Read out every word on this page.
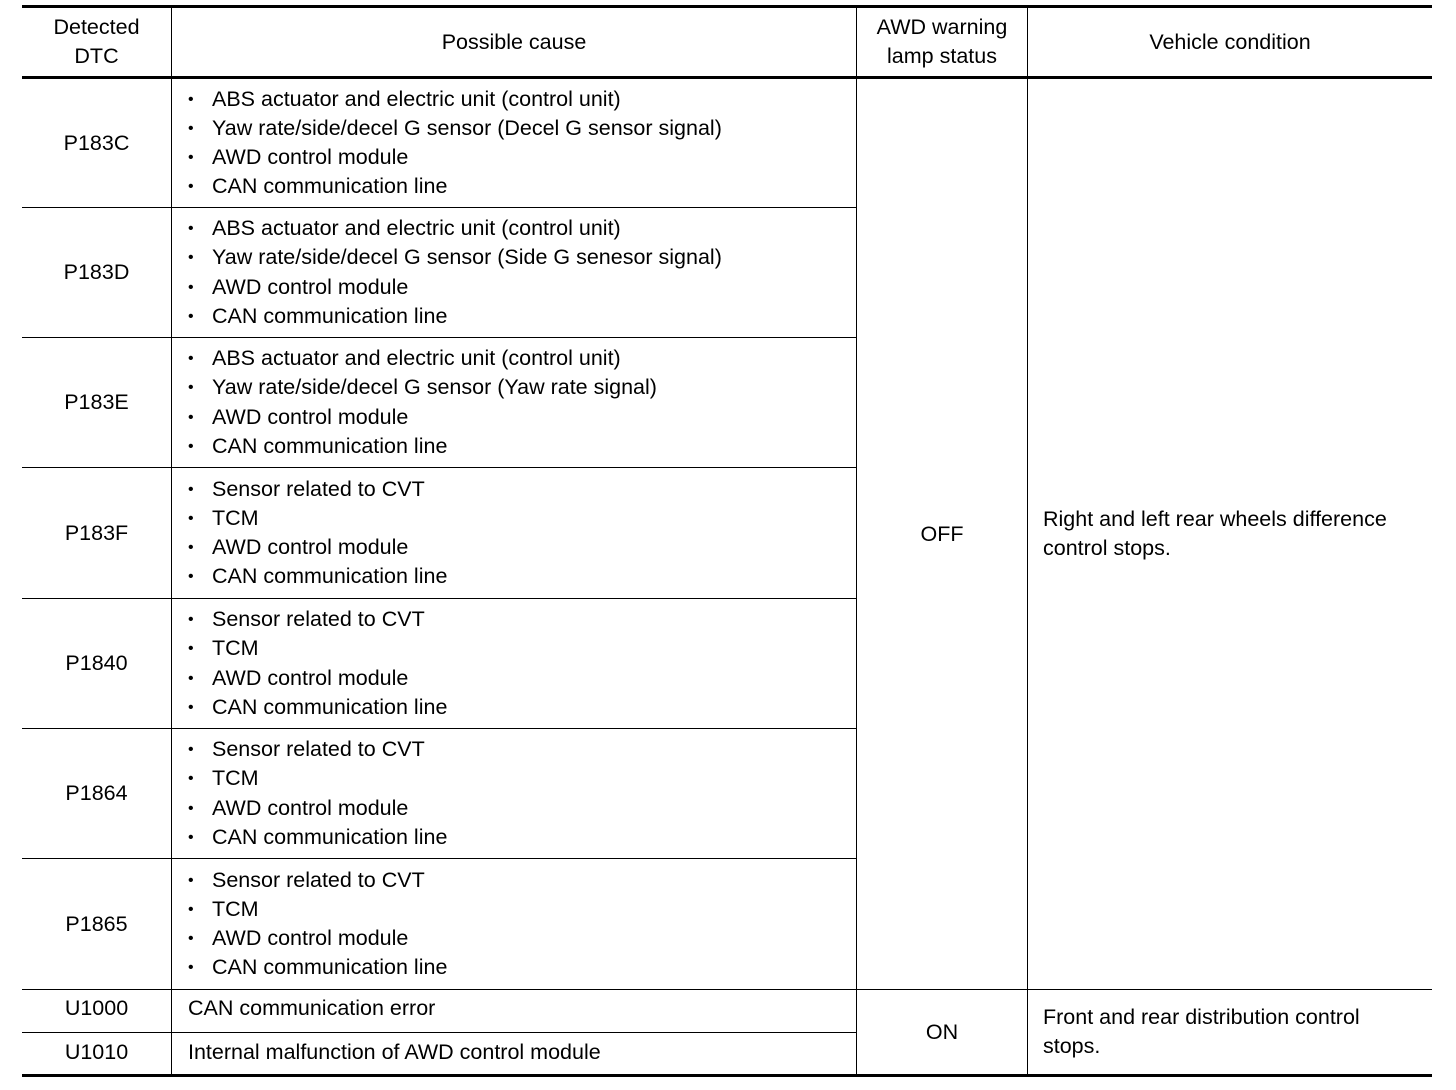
Detected
DTC
Possible cause
AWD warning
lamp status
Vehicle condition
P183C
• ABS actuator and electric unit (control unit)
• Yaw rate/side/decel G sensor (Decel G sensor signal)
• AWD control module
• CAN communication line
P183D
• ABS actuator and electric unit (control unit)
• Yaw rate/side/decel G sensor (Side G senesor signal)
• AWD control module
• CAN communication line
P183E
• ABS actuator and electric unit (control unit)
• Yaw rate/side/decel G sensor (Yaw rate signal)
• AWD control module
• CAN communication line
P183F
• Sensor related to CVT
• TCM
• AWD control module
• CAN communication line
P1840
• Sensor related to CVT
• TCM
• AWD control module
• CAN communication line
P1864
• Sensor related to CVT
• TCM
• AWD control module
• CAN communication line
P1865
• Sensor related to CVT
• TCM
• AWD control module
• CAN communication line
OFF
Right and left rear wheels difference
control stops.
U1000	CAN communication error
U1010	Internal malfunction of AWD control module
ON
Front and rear distribution control
stops.
